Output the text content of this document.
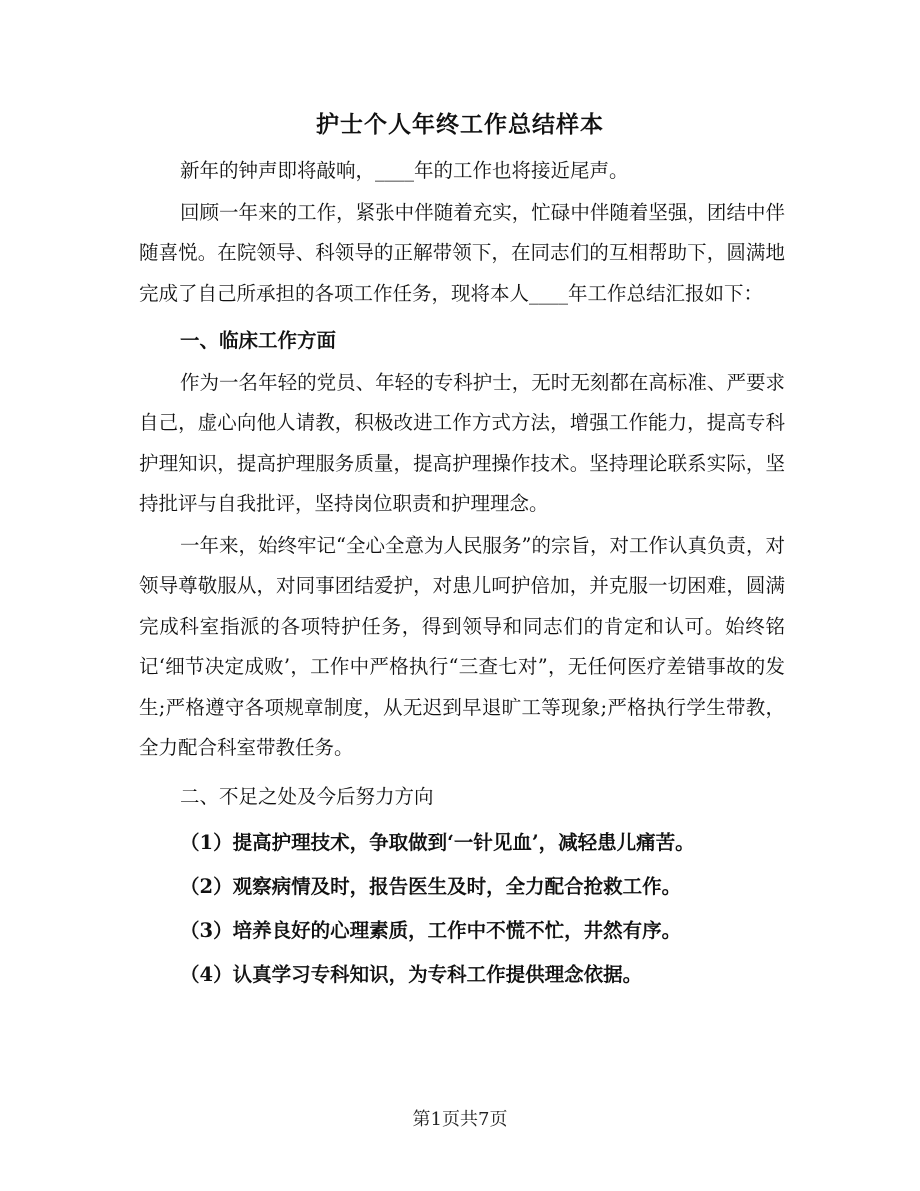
护士个人年终工作总结样本

新年的钟声即将敲响，____年的工作也将接近尾声。

回顾一年来的工作，紧张中伴随着充实，忙碌中伴随着坚强，团结中伴随喜悦。在院领导、科领导的正解带领下，在同志们的互相帮助下，圆满地完成了自己所承担的各项工作任务，现将本人____年工作总结汇报如下：

一、临床工作方面

作为一名年轻的党员、年轻的专科护士，无时无刻都在高标准、严要求自己，虚心向他人请教，积极改进工作方式方法，增强工作能力，提高专科护理知识，提高护理服务质量，提高护理操作技术。坚持理论联系实际，坚持批评与自我批评，坚持岗位职责和护理理念。

一年来，始终牢记“全心全意为人民服务”的宗旨，对工作认真负责，对领导尊敬服从，对同事团结爱护，对患儿呵护倍加，并克服一切困难，圆满完成科室指派的各项特护任务，得到领导和同志们的肯定和认可。始终铭记‘细节决定成败’，工作中严格执行“三查七对”，无任何医疗差错事故的发生;严格遵守各项规章制度，从无迟到早退旷工等现象;严格执行学生带教，全力配合科室带教任务。

二、不足之处及今后努力方向

（1）提高护理技术，争取做到‘一针见血’，减轻患儿痛苦。

（2）观察病情及时，报告医生及时，全力配合抢救工作。

（3）培养良好的心理素质，工作中不慌不忙，井然有序。

（4）认真学习专科知识，为专科工作提供理念依据。

第1页共7页
